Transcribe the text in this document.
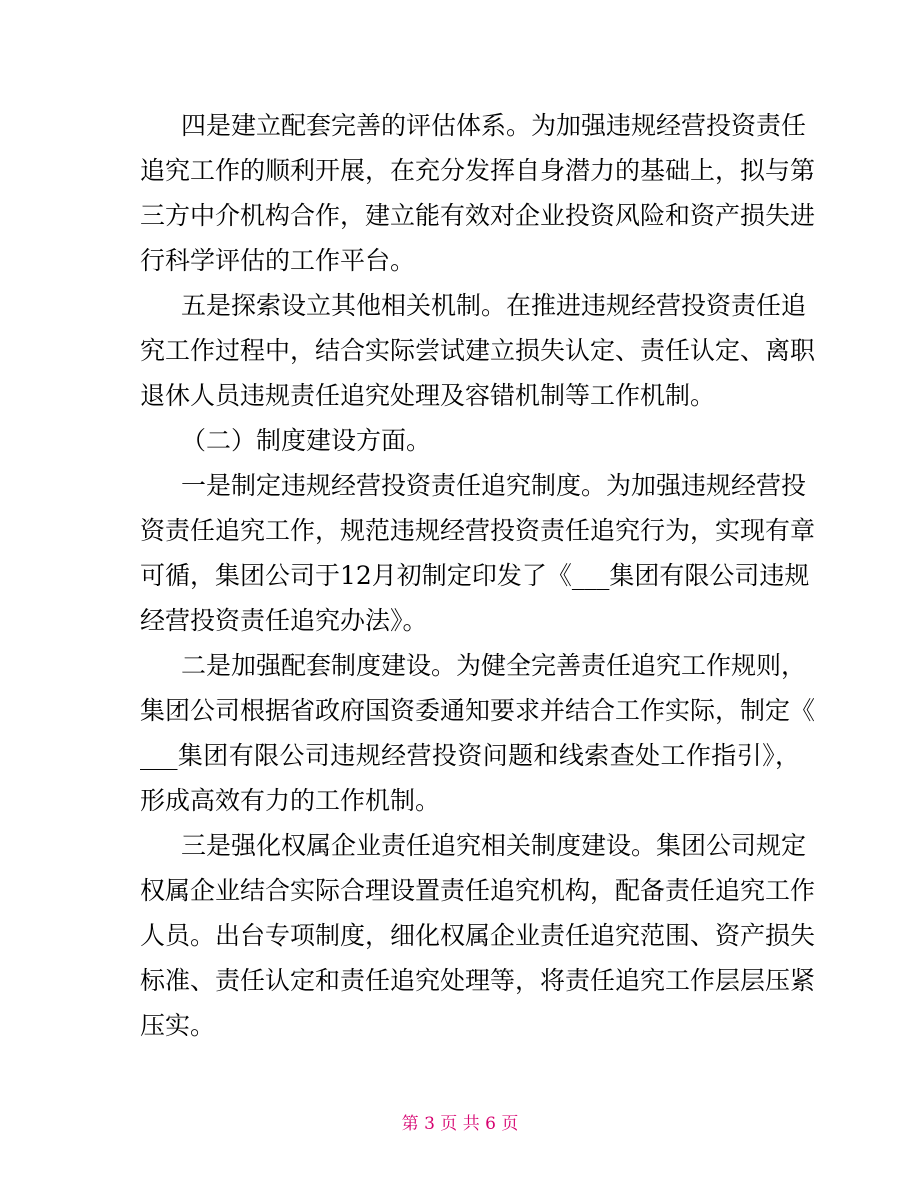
四是建立配套完善的评估体系。为加强违规经营投资责任
追究工作的顺利开展，在充分发挥自身潜力的基础上，拟与第
三方中介机构合作，建立能有效对企业投资风险和资产损失进
行科学评估的工作平台。
五是探索设立其他相关机制。在推进违规经营投资责任追
究工作过程中，结合实际尝试建立损失认定、责任认定、离职
退休人员违规责任追究处理及容错机制等工作机制。
（二）制度建设方面。
一是制定违规经营投资责任追究制度。为加强违规经营投
资责任追究工作，规范违规经营投资责任追究行为，实现有章
可循，集团公司于12月初制定印发了《___集团有限公司违规
经营投资责任追究办法》。
二是加强配套制度建设。为健全完善责任追究工作规则，
集团公司根据省政府国资委通知要求并结合工作实际，制定《
___集团有限公司违规经营投资问题和线索查处工作指引》，
形成高效有力的工作机制。
三是强化权属企业责任追究相关制度建设。集团公司规定
权属企业结合实际合理设置责任追究机构，配备责任追究工作
人员。出台专项制度，细化权属企业责任追究范围、资产损失
标准、责任认定和责任追究处理等，将责任追究工作层层压紧
压实。
第 3 页 共 6 页
